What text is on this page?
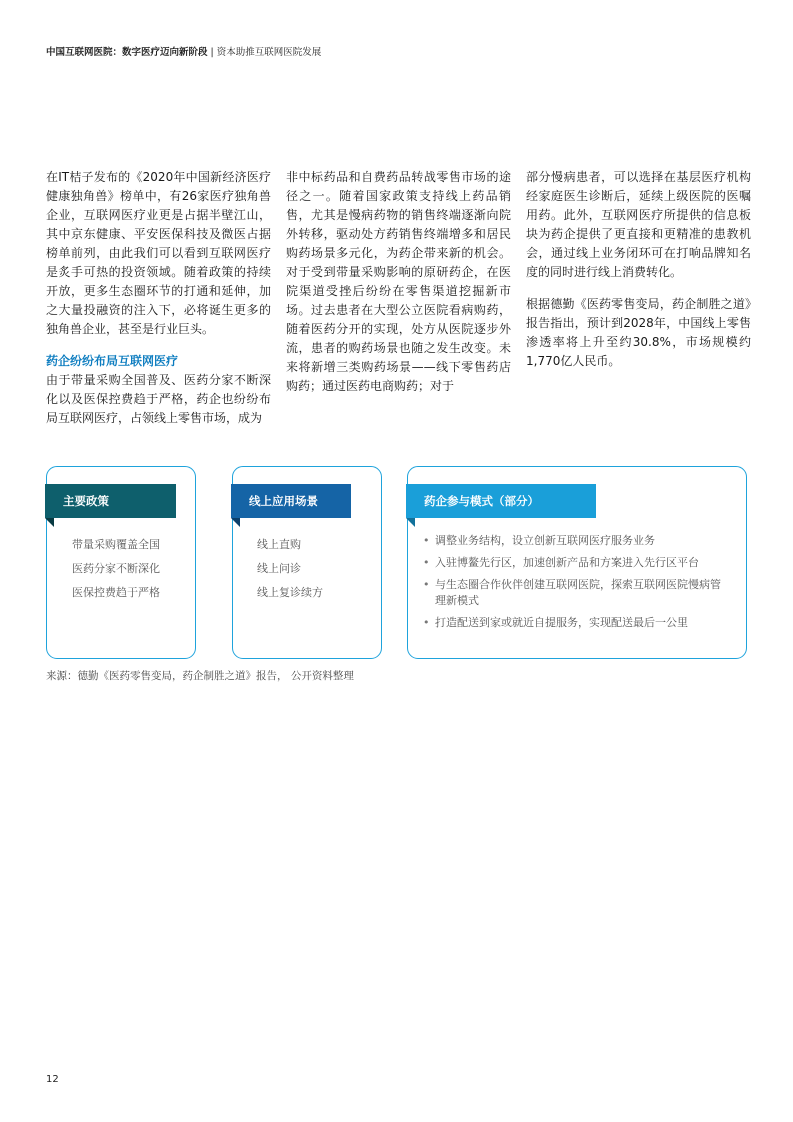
中国互联网医院：数字医疗迈向新阶段 | 资本助推互联网医院发展

在IT桔子发布的《2020年中国新经济医疗健康独角兽》榜单中，有26家医疗独角兽企业，互联网医疗业更是占据半壁江山，其中京东健康、平安医保科技及微医占据榜单前列，由此我们可以看到互联网医疗是炙手可热的投资领域。随着政策的持续开放，更多生态圈环节的打通和延伸，加之大量投融资的注入下，必将诞生更多的独角兽企业，甚至是行业巨头。

药企纷纷布局互联网医疗

由于带量采购全国普及、医药分家不断深化以及医保控费趋于严格，药企也纷纷布局互联网医疗，占领线上零售市场，成为

非中标药品和自费药品转战零售市场的途径之一。随着国家政策支持线上药品销售，尤其是慢病药物的销售终端逐渐向院外转移，驱动处方药销售终端增多和居民购药场景多元化，为药企带来新的机会。对于受到带量采购影响的原研药企，在医院渠道受挫后纷纷在零售渠道挖掘新市场。过去患者在大型公立医院看病购药，随着医药分开的实现，处方从医院逐步外流，患者的购药场景也随之发生改变。未来将新增三类购药场景——线下零售药店购药；通过医药电商购药；对于

部分慢病患者，可以选择在基层医疗机构经家庭医生诊断后，延续上级医院的医嘱用药。此外，互联网医疗所提供的信息板块为药企提供了更直接和更精准的患教机会，通过线上业务闭环可在打响品牌知名度的同时进行线上消费转化。

根据德勤《医药零售变局，药企制胜之道》报告指出，预计到2028年，中国线上零售渗透率将上升至约30.8%，市场规模约1,770亿人民币。

主要政策
带量采购覆盖全国
医药分家不断深化
医保控费趋于严格
线上应用场景
线上直购
线上问诊
线上复诊续方
药企参与模式（部分）
• 调整业务结构，设立创新互联网医疗服务业务
• 入驻博鳌先行区，加速创新产品和方案进入先行区平台
• 与生态圈合作伙伴创建互联网医院，探索互联网医院慢病管理新模式
• 打造配送到家或就近自提服务，实现配送最后一公里
来源：德勤《医药零售变局，药企制胜之道》报告， 公开资料整理
12
